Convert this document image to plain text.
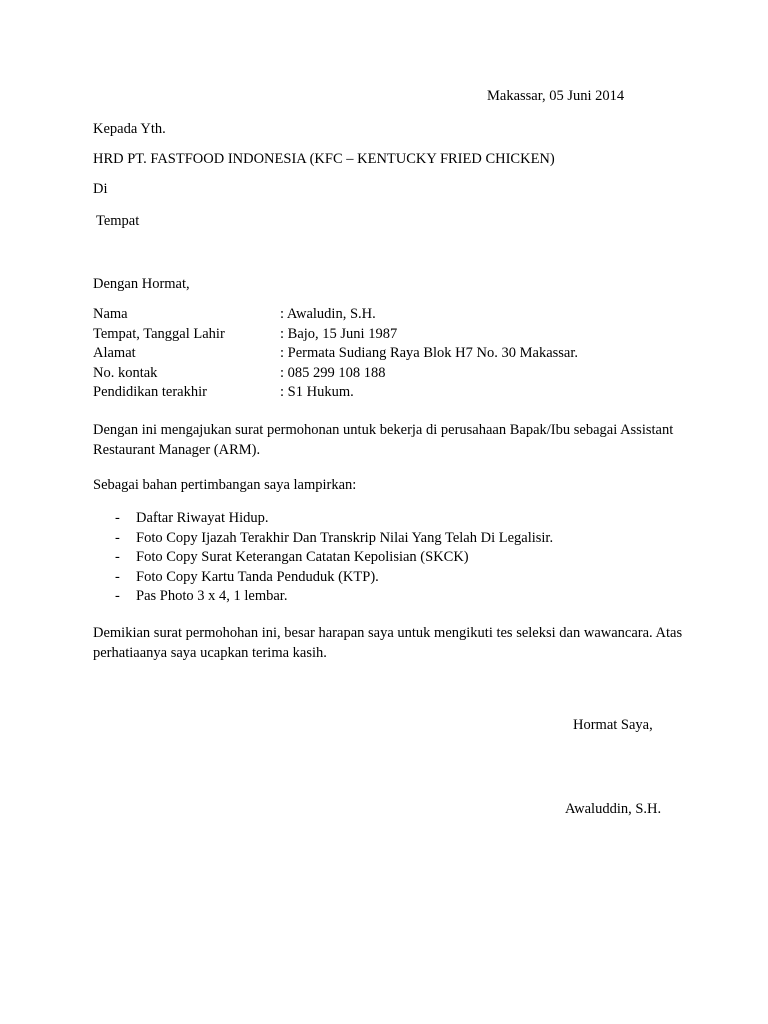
Makassar, 05 Juni 2014
Kepada Yth.
HRD PT. FASTFOOD INDONESIA (KFC – KENTUCKY FRIED CHICKEN)
Di
Tempat
Dengan Hormat,
Nama	: Awaludin, S.H.
Tempat, Tanggal Lahir	: Bajo, 15 Juni 1987
Alamat	: Permata Sudiang Raya Blok H7 No. 30 Makassar.
No. kontak	: 085 299 108 188
Pendidikan terakhir	: S1 Hukum.
Dengan ini mengajukan surat permohonan untuk bekerja di perusahaan Bapak/Ibu sebagai Assistant Restaurant Manager (ARM).
Sebagai bahan pertimbangan saya lampirkan:
-	Daftar Riwayat Hidup.
-	Foto Copy Ijazah Terakhir Dan Transkrip Nilai Yang Telah Di Legalisir.
-	Foto Copy Surat Keterangan Catatan Kepolisian (SKCK)
-	Foto Copy Kartu Tanda Penduduk (KTP).
-	Pas Photo 3 x 4, 1 lembar.
Demikian surat permohohan ini, besar harapan saya untuk mengikuti tes seleksi dan wawancara. Atas perhatiaanya saya ucapkan terima kasih.
Hormat Saya,
Awaluddin, S.H.
